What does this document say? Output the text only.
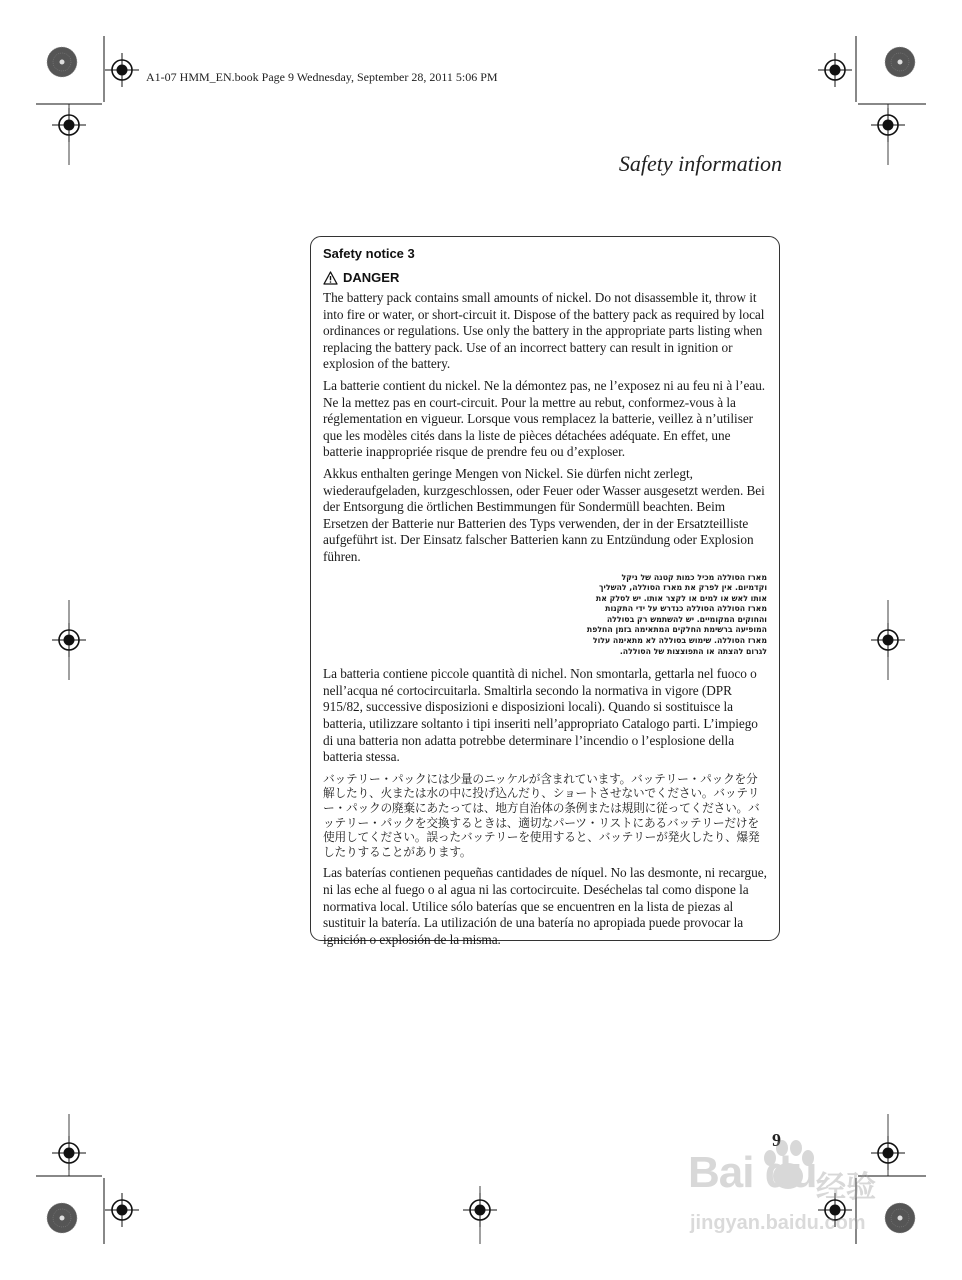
A1-07 HMM_EN.book Page 9 Wednesday, September 28, 2011 5:06 PM
Safety information
Safety notice 3
DANGER

The battery pack contains small amounts of nickel. Do not disassemble it, throw it into fire or water, or short-circuit it. Dispose of the battery pack as required by local ordinances or regulations. Use only the battery in the appropriate parts listing when replacing the battery pack. Use of an incorrect battery can result in ignition or explosion of the battery.

La batterie contient du nickel. Ne la démontez pas, ne l’exposez ni au feu ni à l’eau. Ne la mettez pas en court-circuit. Pour la mettre au rebut, conformez-vous à la réglementation en vigueur. Lorsque vous remplacez la batterie, veillez à n’utiliser que les modèles cités dans la liste de pièces détachées adéquate. En effet, une batterie inappropriée risque de prendre feu ou d’exploser.

Akkus enthalten geringe Mengen von Nickel. Sie dürfen nicht zerlegt, wiederaufgeladen, kurzgeschlossen, oder Feuer oder Wasser ausgesetzt werden. Bei der Entsorgung die örtlichen Bestimmungen für Sondermüll beachten. Beim Ersetzen der Batterie nur Batterien des Typs verwenden, der in der Ersatzteilliste aufgeführt ist. Der Einsatz falscher Batterien kann zu Entzündung oder Explosion führen.

מארז הסוללה מכיל כמות קטנה של ניקל
וקדמיום. אין לפרק את מארז הסוללה, להשליך
אותו לאש או למים או לקצר אותו. יש לסלק את
מארז הסוללה הסוללה כנדרש על ידי התקנות
והחוקים המקומיים. יש להשתמש רק בסוללה
המופיעה ברשימת החלקים המתאימה בזמן החלפת
מארז הסוללה. שימוש בסוללה לא מתאימה עלול
לגרום להצתה או התפוצצות של הסוללה.

La batteria contiene piccole quantità di nichel. Non smontarla, gettarla nel fuoco o nell’acqua né cortocircuitarla. Smaltirla secondo la normativa in vigore (DPR 915/82, successive disposizioni e disposizioni locali). Quando si sostituisce la batteria, utilizzare soltanto i tipi inseriti nell’appropriato Catalogo parti. L’impiego di una batteria non adatta potrebbe determinare l’incendio o l’esplosione della batteria stessa.

バッテリー・パックには少量のニッケルが含まれています。バッテリー・パックを分解したり、火または水の中に投げ込んだり、ショートさせないでください。バッテリー・パックの廃棄にあたっては、地方自治体の条例または規則に従ってください。バッテリー・パックを交換するときは、適切なパーツ・リストにあるバッテリーだけを使用してください。誤ったバッテリーを使用すると、バッテリーが発火したり、爆発したりすることがあります。

Las baterías contienen pequeñas cantidades de níquel. No las desmonte, ni recargue, ni las eche al fuego o al agua ni las cortocircuite. Deséchelas tal como dispone la normativa local. Utilice sólo baterías que se encuentren en la lista de piezas al sustituir la batería. La utilización de una batería no apropiada puede provocar la ignición o explosión de la misma.

9
Bai du 经验
jingyan.baidu.com
